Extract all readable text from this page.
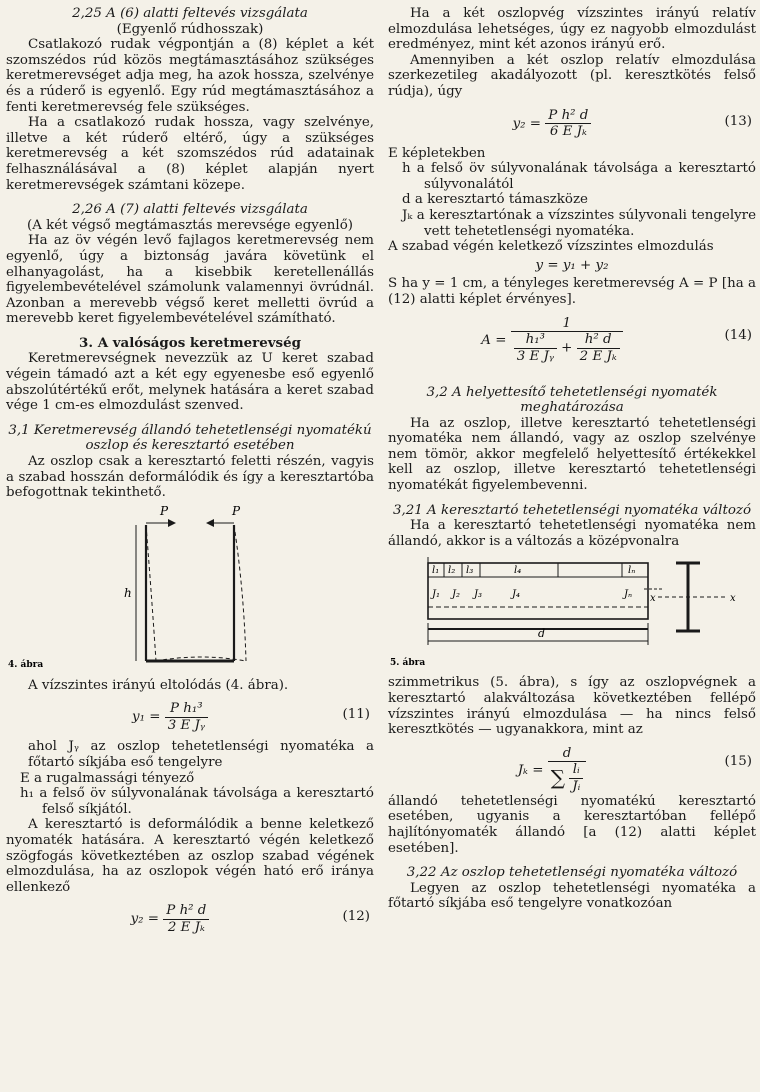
2,25 A (6) alatti feltevés vizsgálata

(Egyenlő rúdhosszak)

Csatlakozó rudak végpontján a (8) képlet a két szomszédos rúd közös megtámasztásához szükséges keretmerevséget adja meg, ha azok hossza, szelvénye és a rúderő is egyenlő. Egy rúd megtámasztásához a fenti keretmerevség fele szükséges.

Ha a csatlakozó rudak hossza, vagy szelvénye, illetve a két rúderő eltérő, úgy a szükséges keretmerevség a két szomszédos rúd adatainak felhasználásával a (8) képlet alapján nyert keretmerevségek számtani közepe.

2,26 A (7) alatti feltevés vizsgálata

(A két végső megtámasztás merevsége egyenlő)

Ha az öv végén levő fajlagos keretmerevség nem egyenlő, úgy a biztonság javára követünk el elhanyagolást, ha a kisebbik keretellenállás figyelembevételével számolunk valamennyi övrúdnál. Azonban a merevebb végső keret melletti övrúd a merevebb keret figyelembevételével számítható.

3. A valóságos keretmerevség

Keretmerevségnek nevezzük az U keret szabad végein támadó azt a két egy egyenesbe eső egyenlő abszolútértékű erőt, melynek hatására a keret szabad vége 1 cm-es elmozdulást szenved.

3,1 Keretmerevség állandó tehetetlenségi nyomatékú oszlop és keresztartó esetében

Az oszlop csak a keresztartó feletti részén, vagyis a szabad hosszán deformálódik és így a keresztartóba befogottnak tekinthető.

P	P
h
4. ábra

A vízszintes irányú eltolódás (4. ábra).

$y_1 = \frac{\text{P h₁³}}{\text{3 E Jᵧ}}$	(11)

ahol Jᵧ az oszlop tehetetlenségi nyomatéka a főtartó síkjába eső tengelyre

E a rugalmassági tényező

h₁ a felső öv súlyvonalának távolsága a keresztartó felső síkjától.

A keresztartó is deformálódik a benne keletkező nyomaték hatására. A keresztartó végén keletkező szögfogás következtében az oszlop szabad végének elmozdulása, ha az oszlopok végén ható erő iránya ellenkező

$y_2 = \frac{\text{P h² d}}{\text{2 E Jₖ}}$	(12)

Ha a két oszlopvég vízszintes irányú relatív elmozdulása lehetséges, úgy ez nagyobb elmozdulást eredményez, mint két azonos irányú erő.

Amennyiben a két oszlop relatív elmozdulása szerkezetileg akadályozott (pl. keresztkötés felső rúdja), úgy

$y_2 = \frac{\text{P h² d}}{\text{6 E Jₖ}}$	(13)

E képletekben

h a felső öv súlyvonalának távolsága a keresztartó súlyvonalától

d a keresztartó támaszköze

Jₖ a keresztartónak a vízszintes súlyvonali tengelyre vett tehetetlenségi nyomatéka.

A szabad végén keletkező vízszintes elmozdulás

y = y₁ + y₂

S ha y = 1 cm, a tényleges keretmerevség A = P [ha a (12) alatti képlet érvényes].

$A = \frac{1}{\frac{\text{h₁³}}{\text{3 E Jᵧ}} + \frac{\text{h² d}}{\text{2 E Jₖ}}}$	(14)

3,2 A helyettesítő tehetetlenségi nyomaték meghatározása

Ha az oszlop, illetve keresztartó tehetetlenségi nyomatéka nem állandó, vagy az oszlop szelvénye nem tömör, akkor megfelelő helyettesítő értékekkel kell az oszlop, illetve keresztartó tehetetlenségi nyomatékát figyelembevenni.

3,21 A keresztartó tehetetlenségi nyomatéka változó

Ha a keresztartó tehetetlenségi nyomatéka nem állandó, akkor is a változás a középvonalra

l₁ l₂ l₃	l₄	lₙ
J₁ J₂ J₃	J₄	Jₙ
d
x	x
5. ábra

szimmetrikus (5. ábra), s így az oszlopvégnek a keresztartó alakváltozása következtében fellépő vízszintes irányú elmozdulása — ha nincs felső keresztkötés — ugyanakkora, mint az

$J_k = \frac{d}{\sum \frac{\text{lᵢ}}{\text{Jᵢ}}}$	(15)

állandó tehetetlenségi nyomatékú keresztartó esetében, ugyanis a keresztartóban fellépő hajlítónyomaték állandó [a (12) alatti képlet esetében].

3,22 Az oszlop tehetetlenségi nyomatéka változó

Legyen az oszlop tehetetlenségi nyomatéka a főtartó síkjába eső tengelyre vonatkozóan
